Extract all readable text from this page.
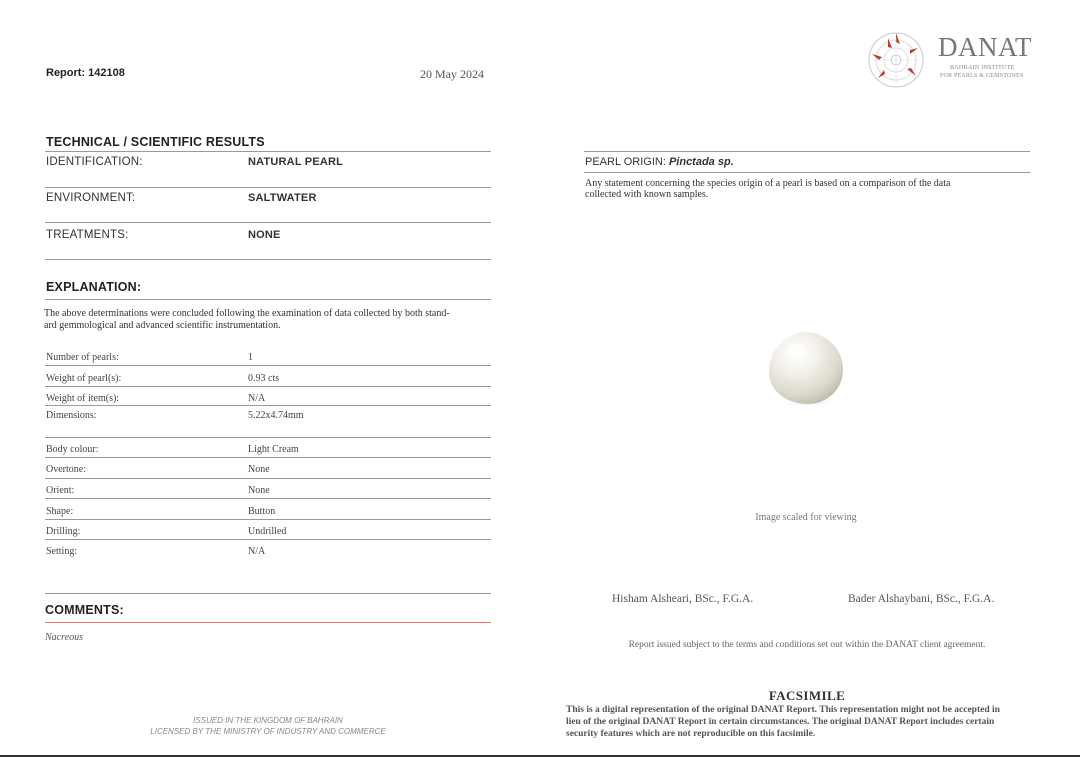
Report: 142108	20 May 2024
DANAT
BAHRAIN INSTITUTE
FOR PEARLS & GEMSTONES
TECHNICAL / SCIENTIFIC RESULTS
IDENTIFICATION:	NATURAL PEARL
ENVIRONMENT:	SALTWATER
TREATMENTS:	NONE
EXPLANATION:
The above determinations were concluded following the examination of data collected by both stand-
ard gemmological and advanced scientific instrumentation.
Number of pearls:	1
Weight of pearl(s):	0.93 cts
Weight of item(s):	N/A
Dimensions:	5.22x4.74mm
Body colour:	Light Cream
Overtone:	None
Orient:	None
Shape:	Button
Drilling:	Undrilled
Setting:	N/A
COMMENTS:
Nacreous
ISSUED IN THE KINGDOM OF BAHRAIN
LICENSED BY THE MINISTRY OF INDUSTRY AND COMMERCE
PEARL ORIGIN: Pinctada sp.
Any statement concerning the species origin of a pearl is based on a comparison of the data
collected with known samples.
Image scaled for viewing
Hisham Alsheari, BSc., F.G.A.	Bader Alshaybani, BSc., F.G.A.
Report issued subject to the terms and conditions set out within the DANAT client agreement.
FACSIMILE
This is a digital representation of the original DANAT Report. This representation might not be accepted in
lieu of the original DANAT Report in certain circumstances. The original DANAT Report includes certain
security features which are not reproducible on this facsimile.
